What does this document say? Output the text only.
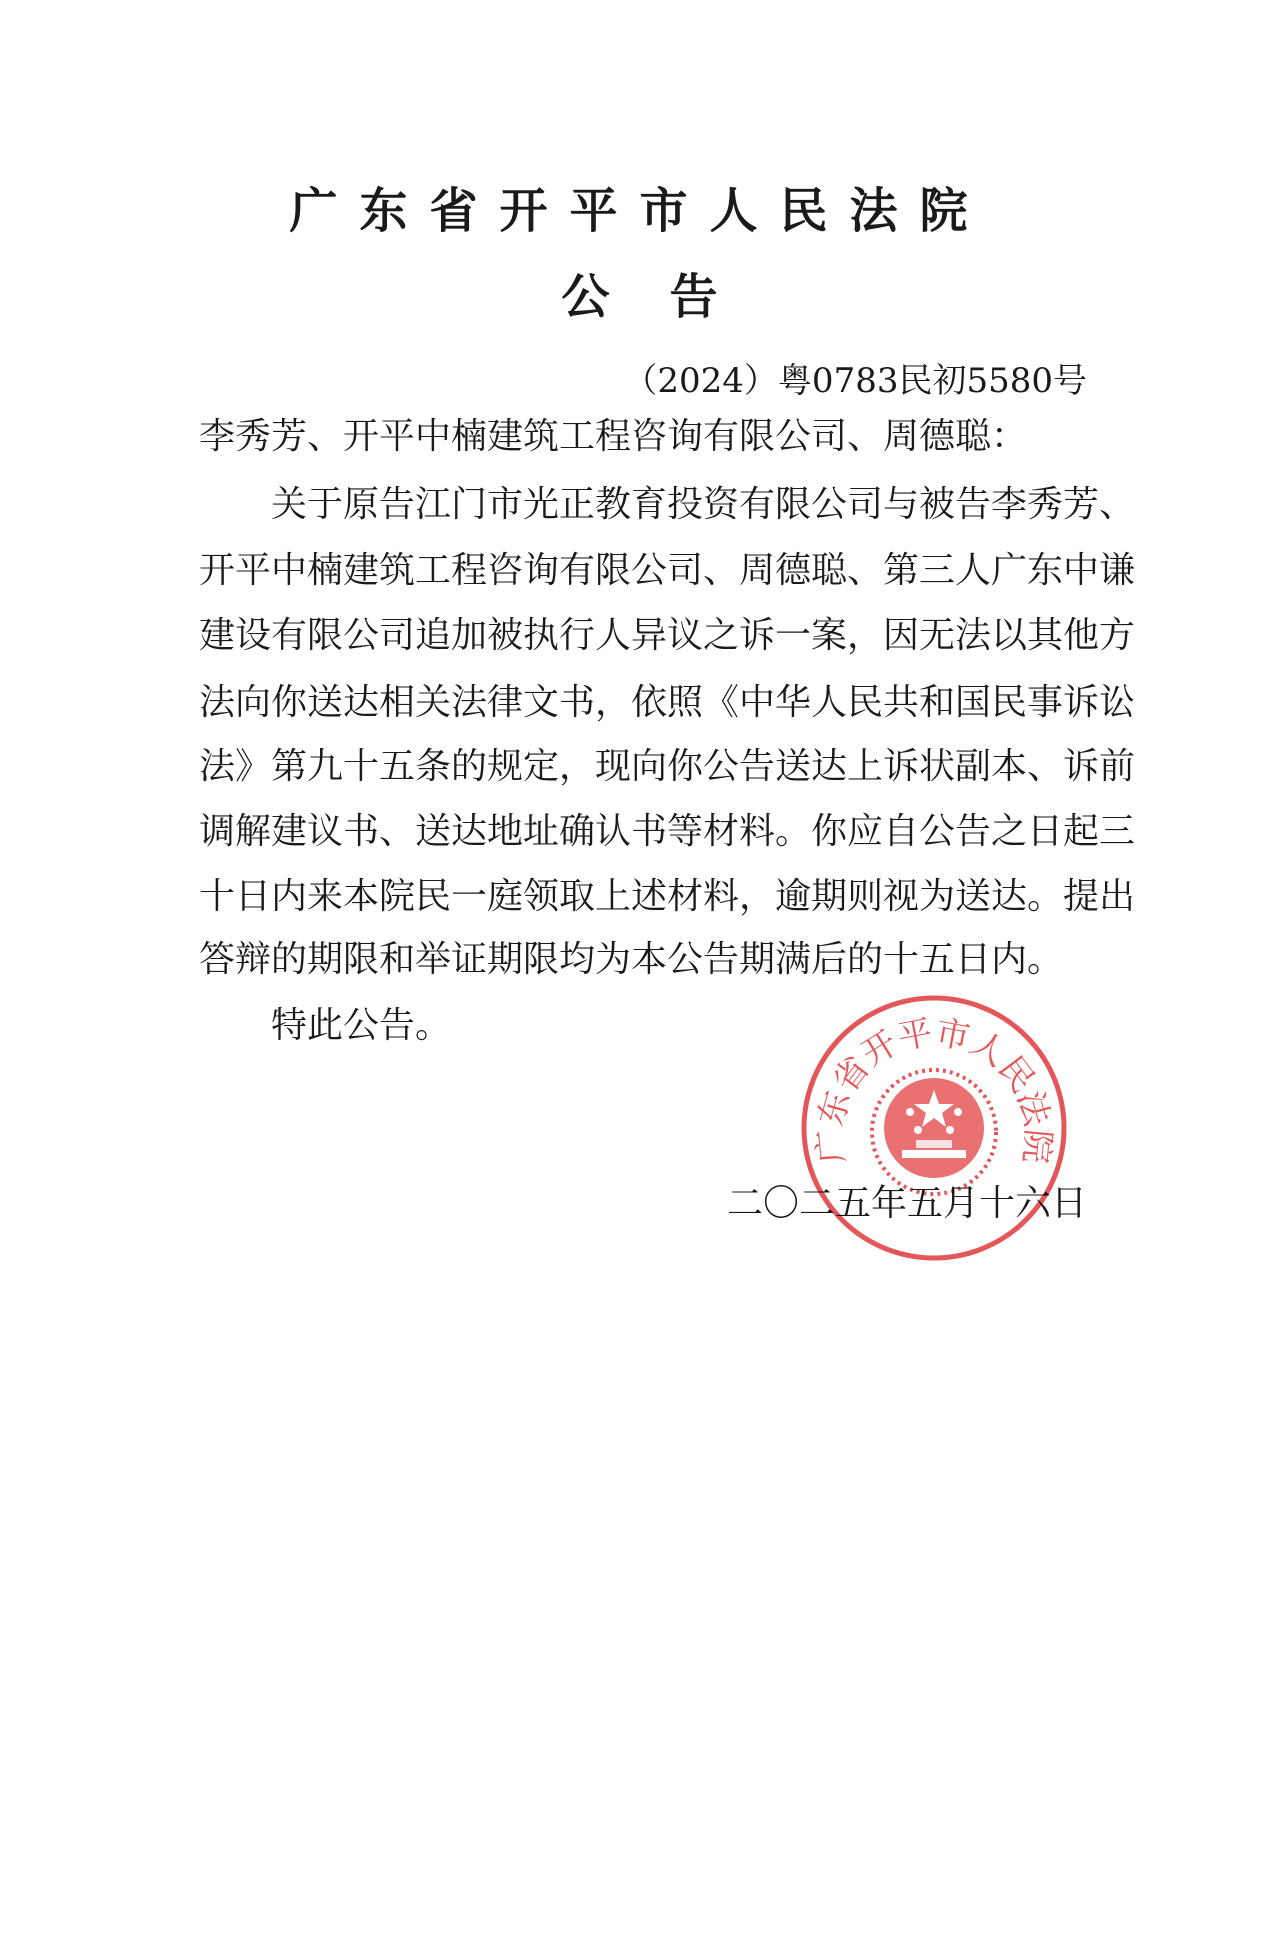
广东省开平市人民法院
公告
（2024）粤0783民初5580号
李秀芳、开平中楠建筑工程咨询有限公司、周德聪：
关于原告江门市光正教育投资有限公司与被告李秀芳、
开平中楠建筑工程咨询有限公司、周德聪、第三人广东中谦
建设有限公司追加被执行人异议之诉一案，因无法以其他方
法向你送达相关法律文书，依照《中华人民共和国民事诉讼
法》第九十五条的规定，现向你公告送达上诉状副本、诉前
调解建议书、送达地址确认书等材料。你应自公告之日起三
十日内来本院民一庭领取上述材料，逾期则视为送达。提出
答辩的期限和举证期限均为本公告期满后的十五日内。
特此公告。
二〇二五年五月十六日
广东省开平市人民法院
